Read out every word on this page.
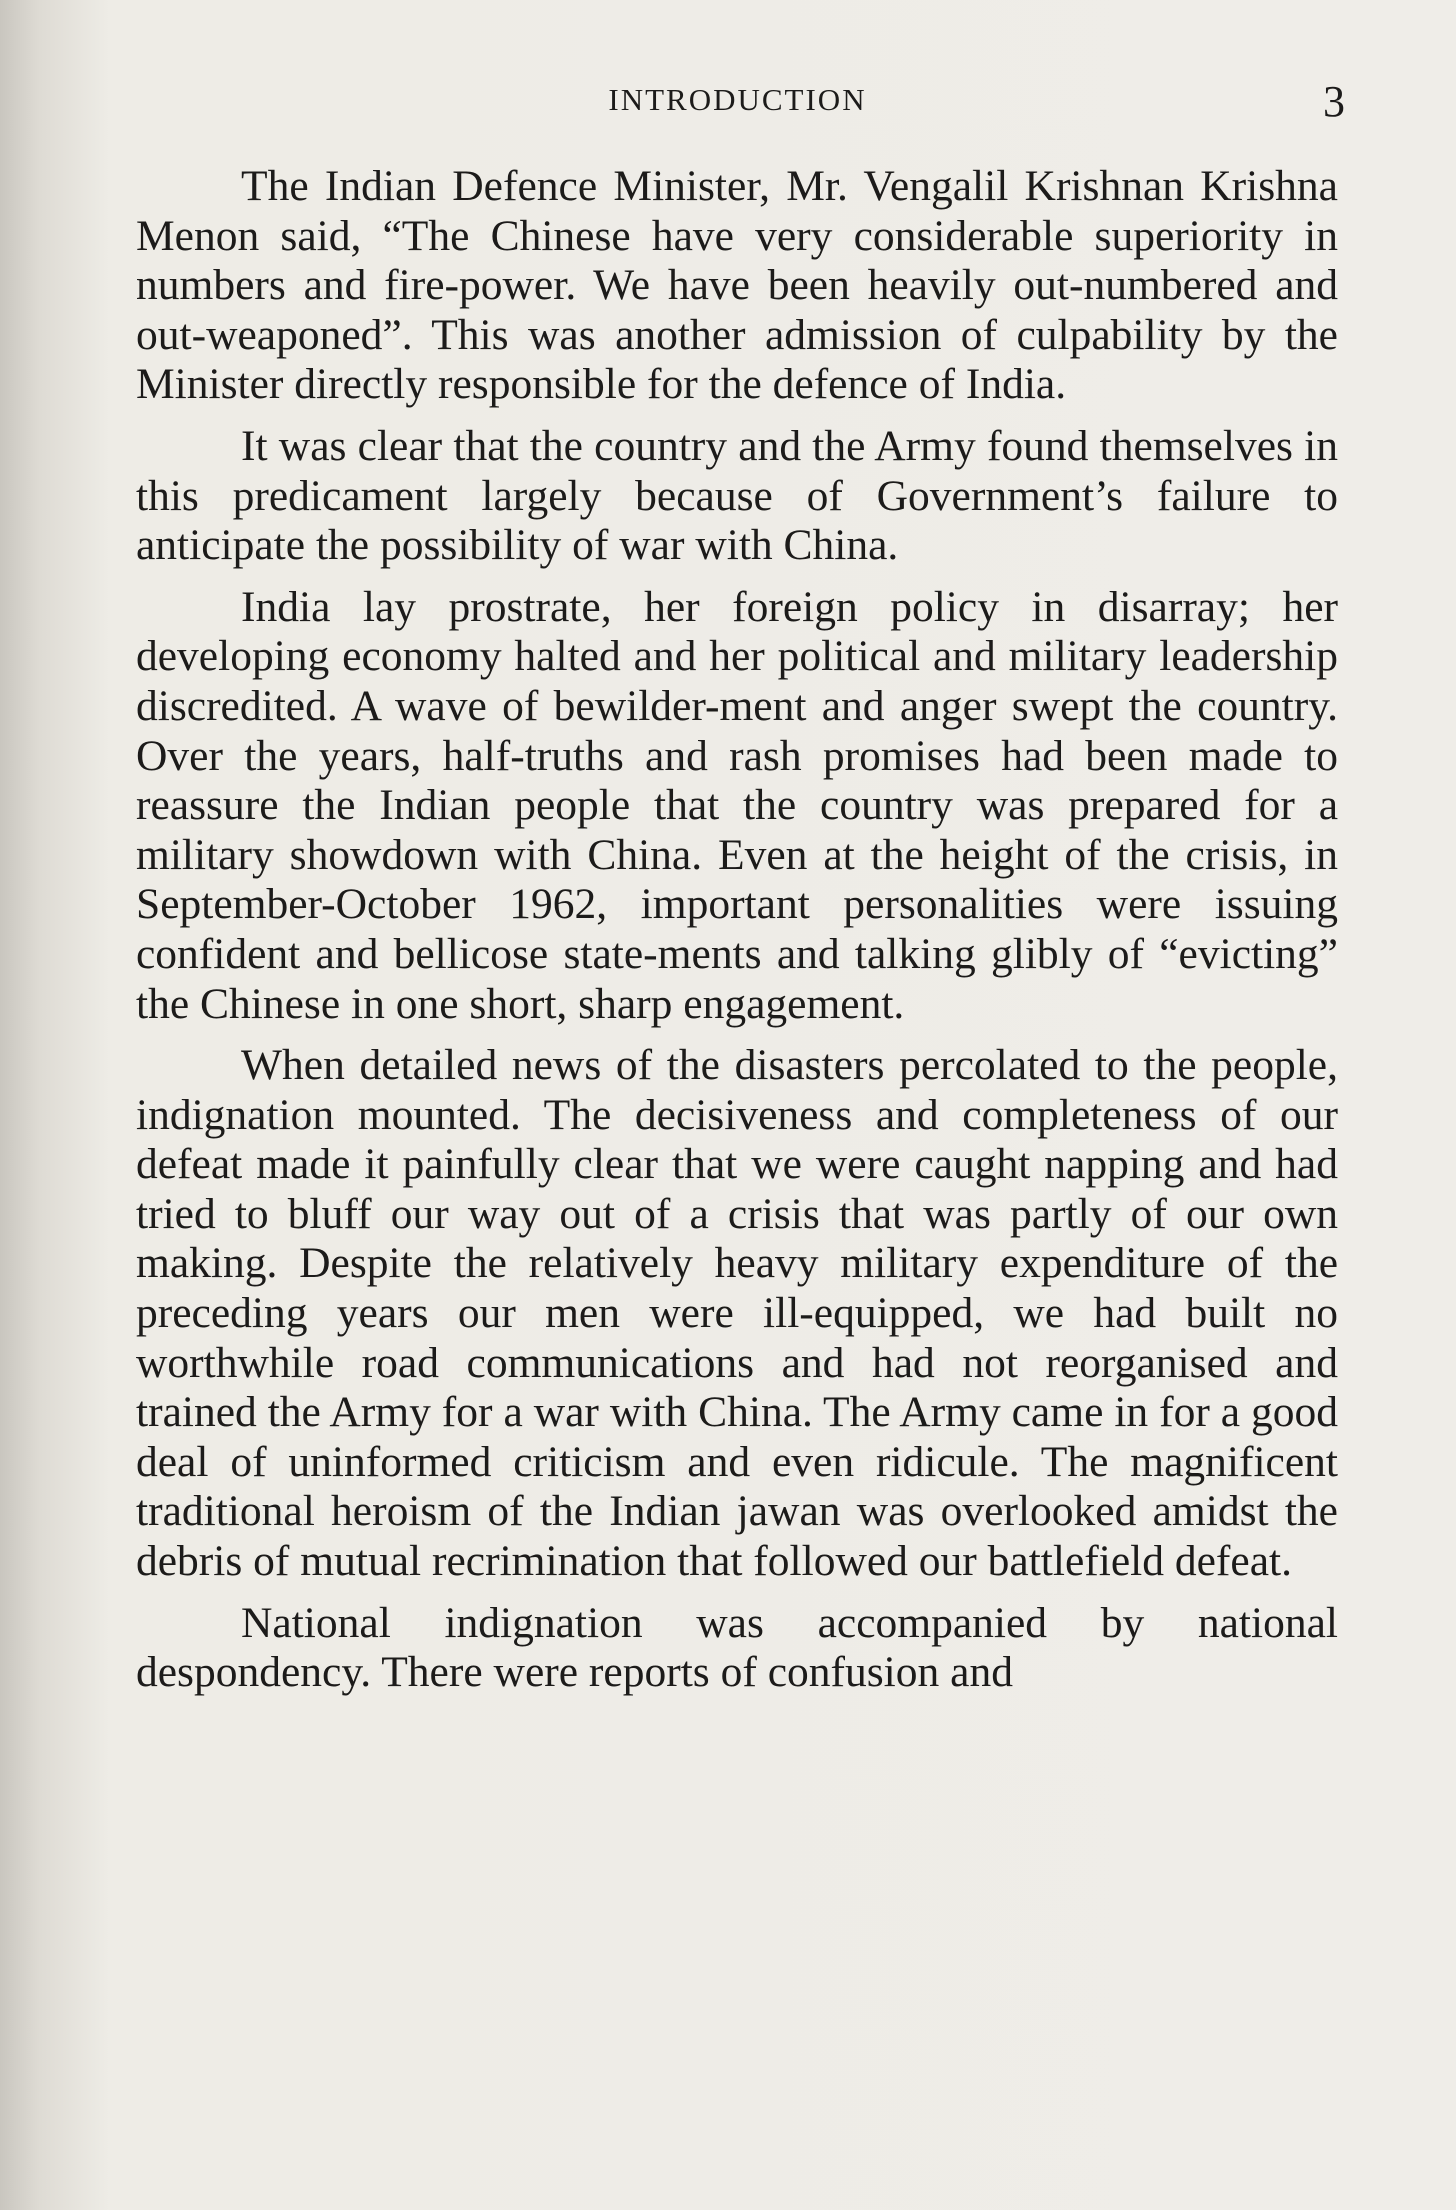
INTRODUCTION	3

The Indian Defence Minister, Mr. Vengalil Krishnan Krishna Menon said, “The Chinese have very considerable superiority in numbers and fire-power. We have been heavily out-numbered and out-weaponed”. This was another admission of culpability by the Minister directly responsible for the defence of India.

It was clear that the country and the Army found themselves in this predicament largely because of Government’s failure to anticipate the possibility of war with China.

India lay prostrate, her foreign policy in disarray; her developing economy halted and her political and military leadership discredited. A wave of bewilder-ment and anger swept the country. Over the years, half-truths and rash promises had been made to reassure the Indian people that the country was prepared for a military showdown with China. Even at the height of the crisis, in September-October 1962, important personalities were issuing confident and bellicose state-ments and talking glibly of “evicting” the Chinese in one short, sharp engagement.

When detailed news of the disasters percolated to the people, indignation mounted. The decisiveness and completeness of our defeat made it painfully clear that we were caught napping and had tried to bluff our way out of a crisis that was partly of our own making. Despite the relatively heavy military expenditure of the preceding years our men were ill-equipped, we had built no worthwhile road communications and had not reorganised and trained the Army for a war with China. The Army came in for a good deal of uninformed criticism and even ridicule. The magnificent traditional heroism of the Indian jawan was overlooked amidst the debris of mutual recrimination that followed our battlefield defeat.

National indignation was accompanied by national despondency. There were reports of confusion and
